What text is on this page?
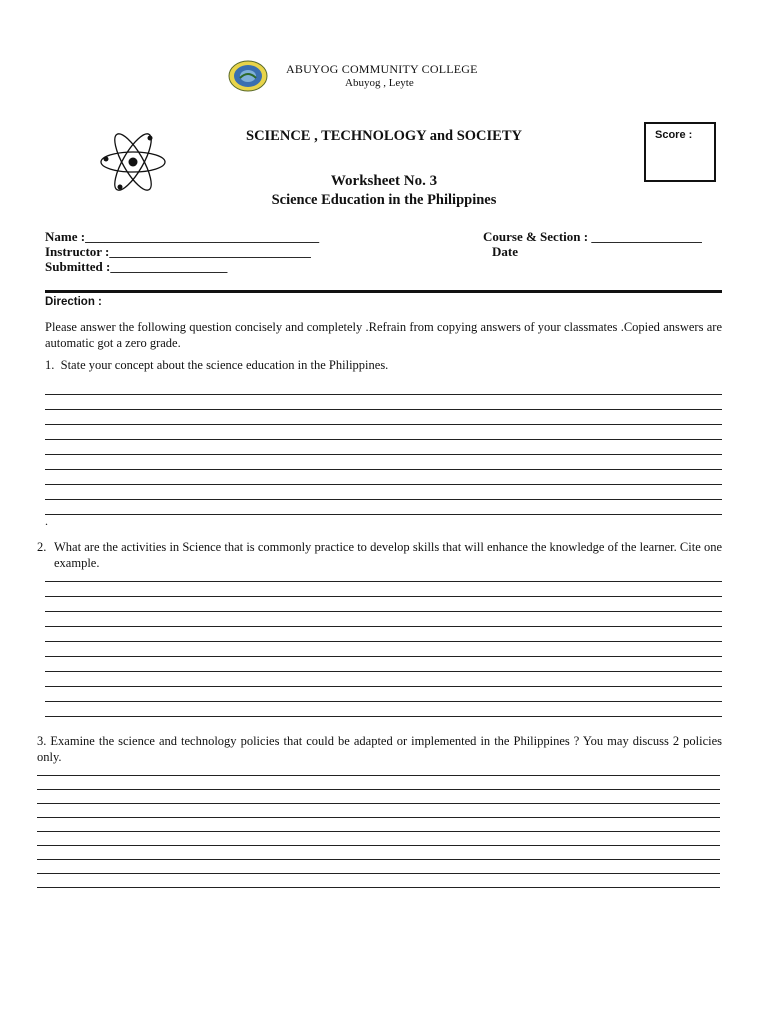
ABUYOG COMMUNITY COLLEGE
Abuyog , Leyte
SCIENCE , TECHNOLOGY and SOCIETY	Score :
Worksheet No. 3
Science Education in the Philippines
Name :____________________________________
Instructor :_______________________________
Submitted :__________________
Course & Section : _________________
Date
Direction :
Please answer the following question concisely and completely .Refrain from copying answers of your classmates .Copied answers are automatic got a zero grade.
1. State your concept about the science education in the Philippines.
.
2. What are the activities in Science that is commonly practice to develop skills that will enhance the knowledge of the learner. Cite one example.
3. Examine the science and technology policies that could be adapted or implemented in the Philippines ? You may discuss 2 policies only.
